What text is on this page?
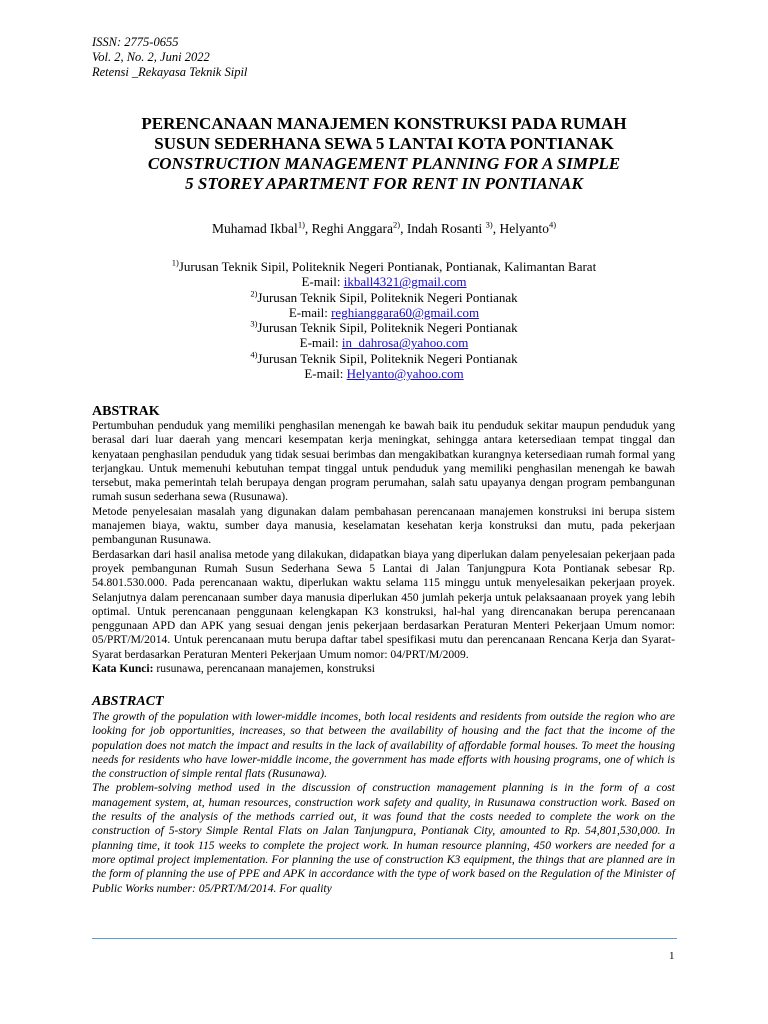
ISSN: 2775-0655
Vol. 2, No. 2, Juni 2022
Retensi _Rekayasa Teknik Sipil
PERENCANAAN MANAJEMEN KONSTRUKSI PADA RUMAH
SUSUN SEDERHANA SEWA 5 LANTAI KOTA PONTIANAK
CONSTRUCTION MANAGEMENT PLANNING FOR A SIMPLE
5 STOREY APARTMENT FOR RENT IN PONTIANAK
Muhamad Ikbal$^{1)}$, Reghi Anggara$^{2)}$, Indah Rosanti $^{3)}$, Helyanto$^{4)}$
$^{1)}$Jurusan Teknik Sipil, Politeknik Negeri Pontianak, Pontianak, Kalimantan Barat
E-mail: ikball4321@gmail.com
$^{2)}$Jurusan Teknik Sipil, Politeknik Negeri Pontianak
E-mail: reghianggara60@gmail.com
$^{3)}$Jurusan Teknik Sipil, Politeknik Negeri Pontianak
E-mail: in_dahrosa@yahoo.com
$^{4)}$Jurusan Teknik Sipil, Politeknik Negeri Pontianak
E-mail: Helyanto@yahoo.com
ABSTRAK

Pertumbuhan penduduk yang memiliki penghasilan menengah ke bawah baik itu penduduk sekitar maupun penduduk yang berasal dari luar daerah yang mencari kesempatan kerja meningkat, sehingga antara ketersediaan tempat tinggal dan kenyataan penghasilan penduduk yang tidak sesuai berimbas dan mengakibatkan kurangnya ketersediaan rumah formal yang terjangkau. Untuk memenuhi kebutuhan tempat tinggal untuk penduduk yang memiliki penghasilan menengah ke bawah tersebut, maka pemerintah telah berupaya dengan program perumahan, salah satu upayanya dengan program pembangunan rumah susun sederhana sewa (Rusunawa).

Metode penyelesaian masalah yang digunakan dalam pembahasan perencanaan manajemen konstruksi ini berupa sistem manajemen biaya, waktu, sumber daya manusia, keselamatan kesehatan kerja konstruksi dan mutu, pada pekerjaan pembangunan Rusunawa.

Berdasarkan dari hasil analisa metode yang dilakukan, didapatkan biaya yang diperlukan dalam penyelesaian pekerjaan pada proyek pembangunan Rumah Susun Sederhana Sewa 5 Lantai di Jalan Tanjungpura Kota Pontianak sebesar Rp. 54.801.530.000. Pada perencanaan waktu, diperlukan waktu selama 115 minggu untuk menyelesaikan pekerjaan proyek. Selanjutnya dalam perencanaan sumber daya manusia diperlukan 450 jumlah pekerja untuk pelaksaanaan proyek yang lebih optimal. Untuk perencanaan penggunaan kelengkapan K3 konstruksi, hal-hal yang direncanakan berupa perencanaan penggunaan APD dan APK yang sesuai dengan jenis pekerjaan berdasarkan Peraturan Menteri Pekerjaan Umum nomor: 05/PRT/M/2014. Untuk perencanaan mutu berupa daftar tabel spesifikasi mutu dan perencanaan Rencana Kerja dan Syarat-Syarat berdasarkan Peraturan Menteri Pekerjaan Umum nomor: 04/PRT/M/2009.

Kata Kunci: rusunawa, perencanaan manajemen, konstruksi

ABSTRACT

The growth of the population with lower-middle incomes, both local residents and residents from outside the region who are looking for job opportunities, increases, so that between the availability of housing and the fact that the income of the population does not match the impact and results in the lack of availability of affordable formal houses. To meet the housing needs for residents who have lower-middle income, the government has made efforts with housing programs, one of which is the construction of simple rental flats (Rusunawa).

The problem-solving method used in the discussion of construction management planning is in the form of a cost management system, at, human resources, construction work safety and quality, in Rusunawa construction work. Based on the results of the analysis of the methods carried out, it was found that the costs needed to complete the work on the construction of 5-story Simple Rental Flats on Jalan Tanjungpura, Pontianak City, amounted to Rp. 54,801,530,000. In planning time, it took 115 weeks to complete the project work. In human resource planning, 450 workers are needed for a more optimal project implementation. For planning the use of construction K3 equipment, the things that are planned are in the form of planning the use of PPE and APK in accordance with the type of work based on the Regulation of the Minister of Public Works number: 05/PRT/M/2014. For quality

1
